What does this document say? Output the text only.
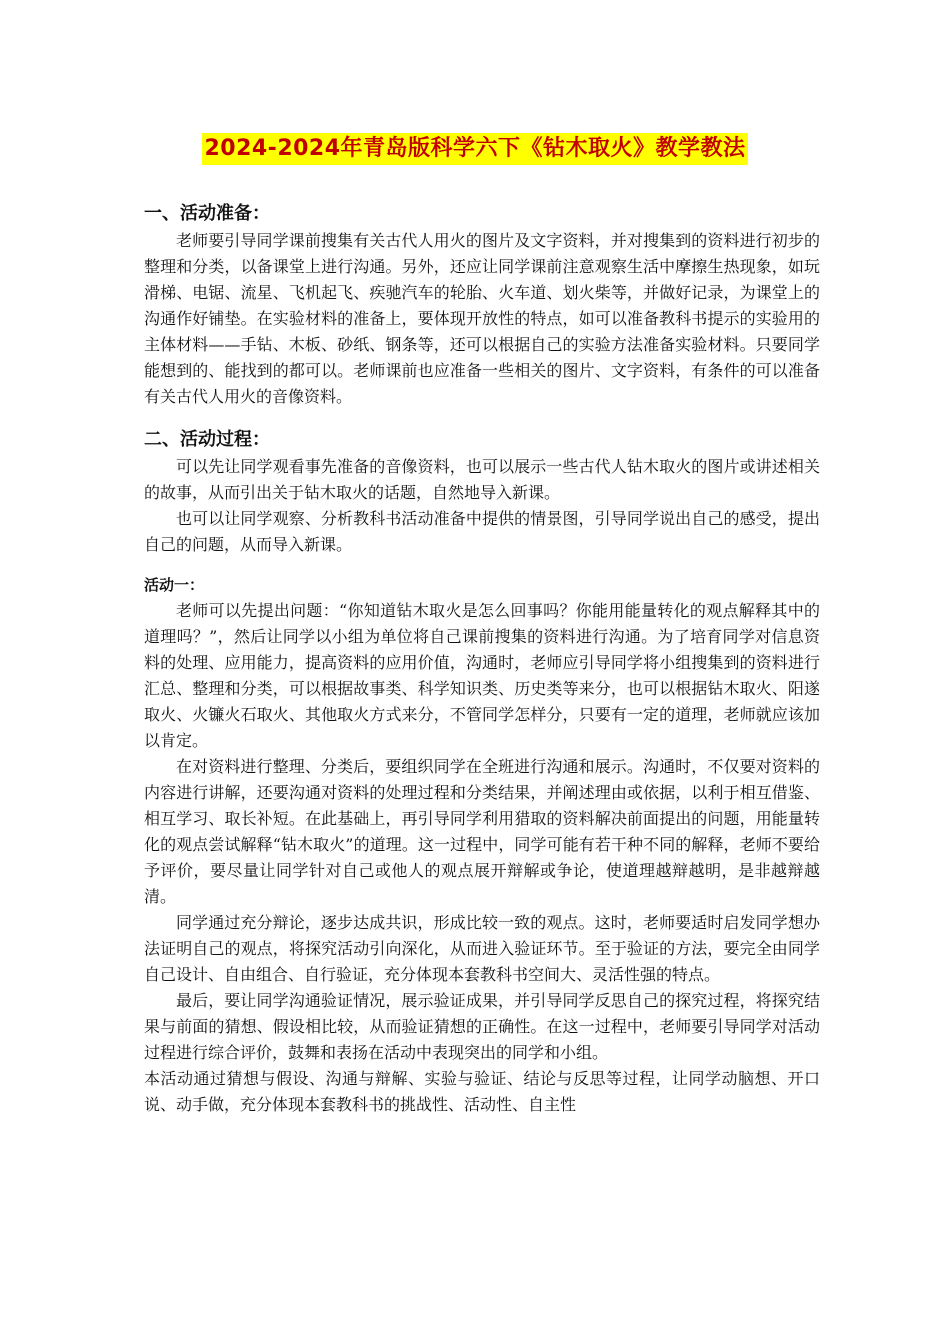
2024-2024年青岛版科学六下《钻木取火》教学教法
一、活动准备：

老师要引导同学课前搜集有关古代人用火的图片及文字资料，并对搜集到的资料进行初步的整理和分类，以备课堂上进行沟通。另外，还应让同学课前注意观察生活中摩擦生热现象，如玩滑梯、电锯、流星、飞机起飞、疾驰汽车的轮胎、火车道、划火柴等，并做好记录，为课堂上的沟通作好铺垫。在实验材料的准备上，要体现开放性的特点，如可以准备教科书提示的实验用的主体材料——手钻、木板、砂纸、钢条等，还可以根据自己的实验方法准备实验材料。只要同学能想到的、能找到的都可以。老师课前也应准备一些相关的图片、文字资料，有条件的可以准备有关古代人用火的音像资料。

二、活动过程：

可以先让同学观看事先准备的音像资料，也可以展示一些古代人钻木取火的图片或讲述相关的故事，从而引出关于钻木取火的话题，自然地导入新课。

也可以让同学观察、分析教科书活动准备中提供的情景图，引导同学说出自己的感受，提出自己的问题，从而导入新课。

活动一：

老师可以先提出问题：“你知道钻木取火是怎么回事吗？你能用能量转化的观点解释其中的道理吗？”，然后让同学以小组为单位将自己课前搜集的资料进行沟通。为了培育同学对信息资料的处理、应用能力，提高资料的应用价值，沟通时，老师应引导同学将小组搜集到的资料进行汇总、整理和分类，可以根据故事类、科学知识类、历史类等来分，也可以根据钻木取火、阳遂取火、火镰火石取火、其他取火方式来分，不管同学怎样分，只要有一定的道理，老师就应该加以肯定。

在对资料进行整理、分类后，要组织同学在全班进行沟通和展示。沟通时，不仅要对资料的内容进行讲解，还要沟通对资料的处理过程和分类结果，并阐述理由或依据，以利于相互借鉴、相互学习、取长补短。在此基础上，再引导同学利用猎取的资料解决前面提出的问题，用能量转化的观点尝试解释“钻木取火”的道理。这一过程中，同学可能有若干种不同的解释，老师不要给予评价，要尽量让同学针对自己或他人的观点展开辩解或争论，使道理越辩越明，是非越辩越清。

同学通过充分辩论，逐步达成共识，形成比较一致的观点。这时，老师要适时启发同学想办法证明自己的观点，将探究活动引向深化，从而进入验证环节。至于验证的方法，要完全由同学自己设计、自由组合、自行验证，充分体现本套教科书空间大、灵活性强的特点。

最后，要让同学沟通验证情况，展示验证成果，并引导同学反思自己的探究过程，将探究结果与前面的猜想、假设相比较，从而验证猜想的正确性。在这一过程中，老师要引导同学对活动过程进行综合评价，鼓舞和表扬在活动中表现突出的同学和小组。

本活动通过猜想与假设、沟通与辩解、实验与验证、结论与反思等过程，让同学动脑想、开口说、动手做，充分体现本套教科书的挑战性、活动性、自主性
